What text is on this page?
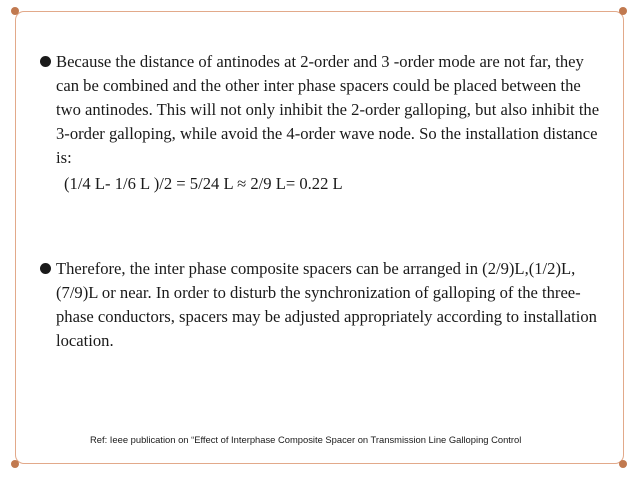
Because the distance of antinodes at 2-order and 3 -order mode are not far, they can be combined and the other inter phase spacers could be placed between the two antinodes. This will not only inhibit the 2-order galloping, but also inhibit the 3-order galloping, while avoid the 4-order wave node. So the installation distance is:
(1/4 L- 1/6 L )/2 = 5/24 L ≈ 2/9 L= 0.22 L
Therefore, the inter phase composite spacers can be arranged in (2/9)L,(1/2)L,(7/9)L or near. In order to disturb the synchronization of galloping of the three-phase conductors, spacers may be adjusted appropriately according to installation location.
Ref: Ieee publication on “Effect of Interphase Composite Spacer on Transmission Line Galloping Control
